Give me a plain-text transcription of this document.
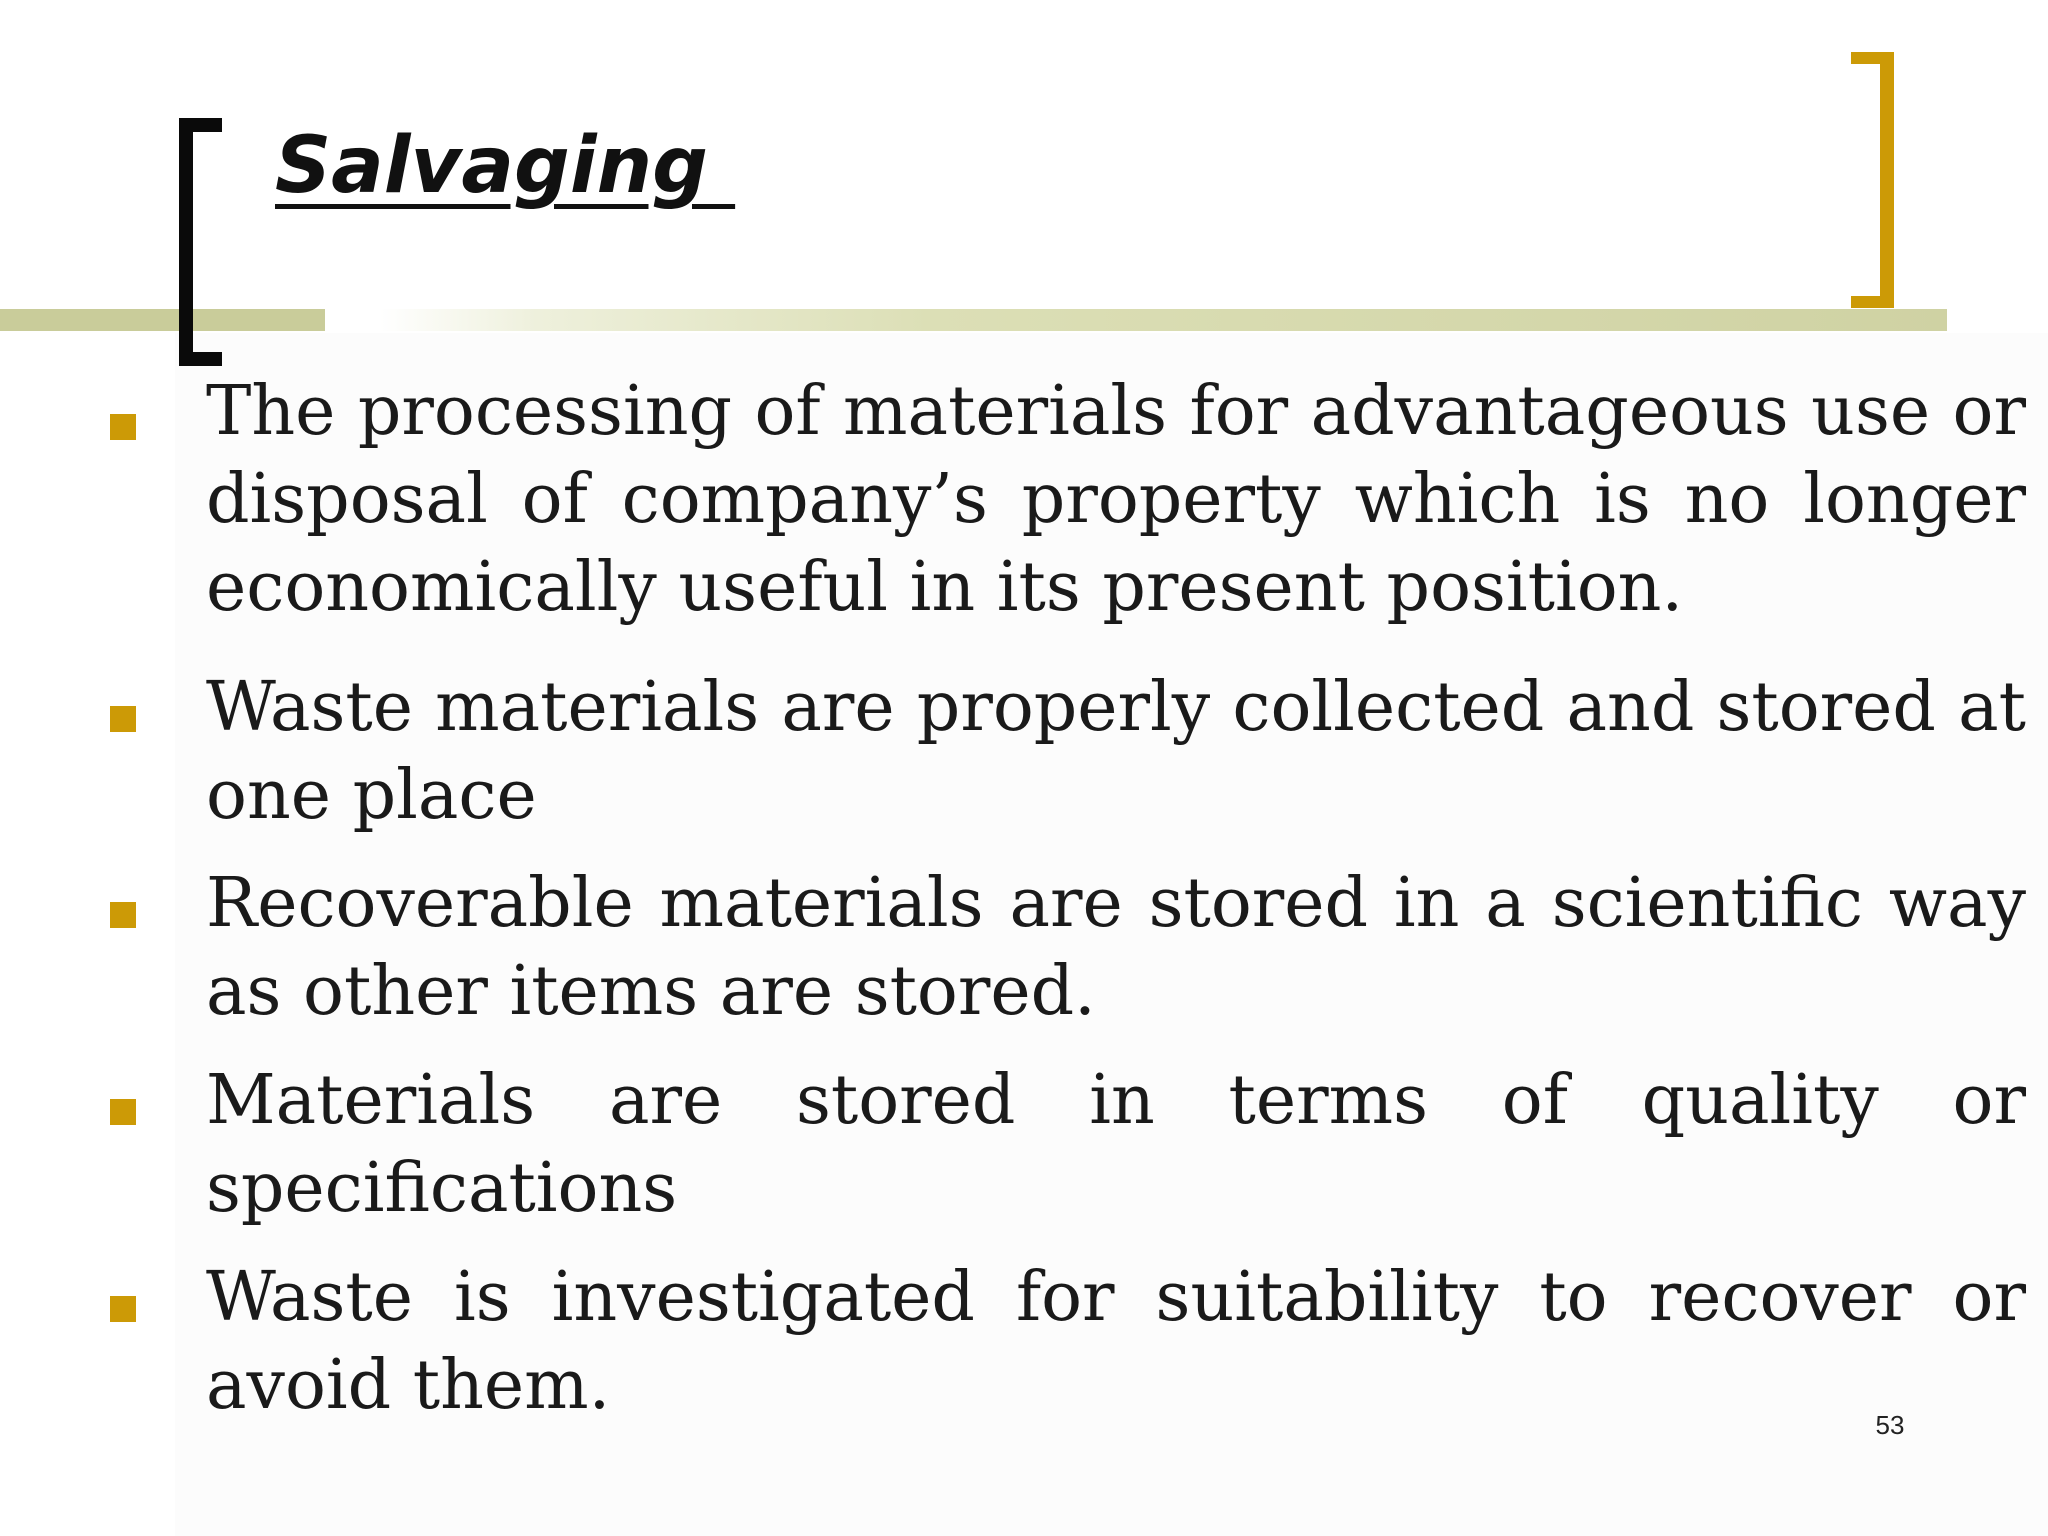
Salvaging

The processing of materials for advantageous use or disposal of company’s property which is no longer economically useful in its present position.

Waste materials are properly collected and stored at one place

Recoverable materials are stored in a scientific way as other items are stored.

Materials are stored in terms of quality or specifications

Waste is investigated for suitability to recover or avoid them.	53
